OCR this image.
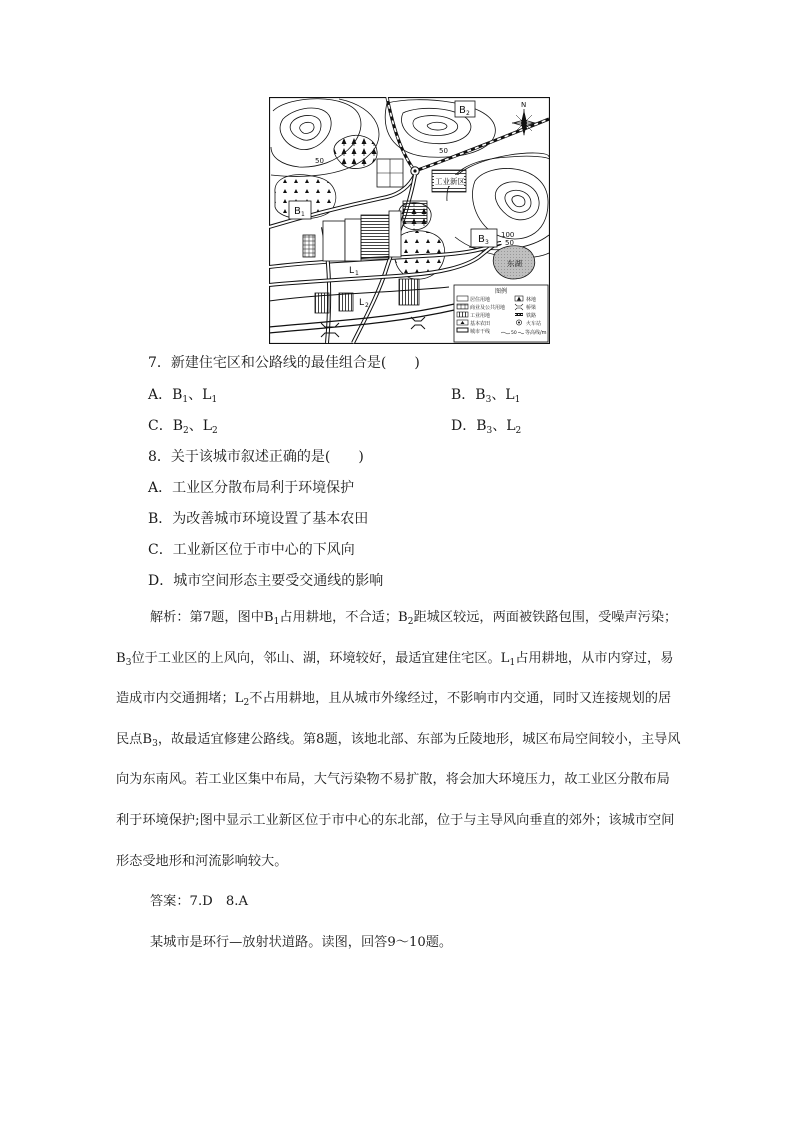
B 2
B 1
B 3
工业新区
东湖
L 1
L 2
50
50
50
100
N
图例
居住用地
商业及公共用地
工业用地
基本农田
城市干线
林地
桥梁
铁路
火车站
50 等高线/m
7．新建住宅区和公路线的最佳组合是(　　)
A．$B_1$、$L_1$	B．$B_3$、$L_1$
C．$B_2$、$L_2$	D．$B_3$、$L_2$
8．关于该城市叙述正确的是(　　)
A．工业区分散布局利于环境保护
B．为改善城市环境设置了基本农田
C．工业新区位于市中心的下风向
D．城市空间形态主要受交通线的影响

解析：第7题，图中$B_1$占用耕地，不合适；$B_2$距城区较远，两面被铁路包围，受噪声污染；$B_3$位于工业区的上风向，邻山、湖，环境较好，最适宜建住宅区。$L_1$占用耕地，从市内穿过，易造成市内交通拥堵；$L_2$不占用耕地，且从城市外缘经过，不影响市内交通，同时又连接规划的居民点$B_3$，故最适宜修建公路线。第8题，该地北部、东部为丘陵地形，城区布局空间较小，主导风向为东南风。若工业区集中布局，大气污染物不易扩散，将会加大环境压力，故工业区分散布局利于环境保护;图中显示工业新区位于市中心的东北部，位于与主导风向垂直的郊外；该城市空间形态受地形和河流影响较大。

答案：7.D　8.A

某城市是环行—放射状道路。读图，回答9～10题。
